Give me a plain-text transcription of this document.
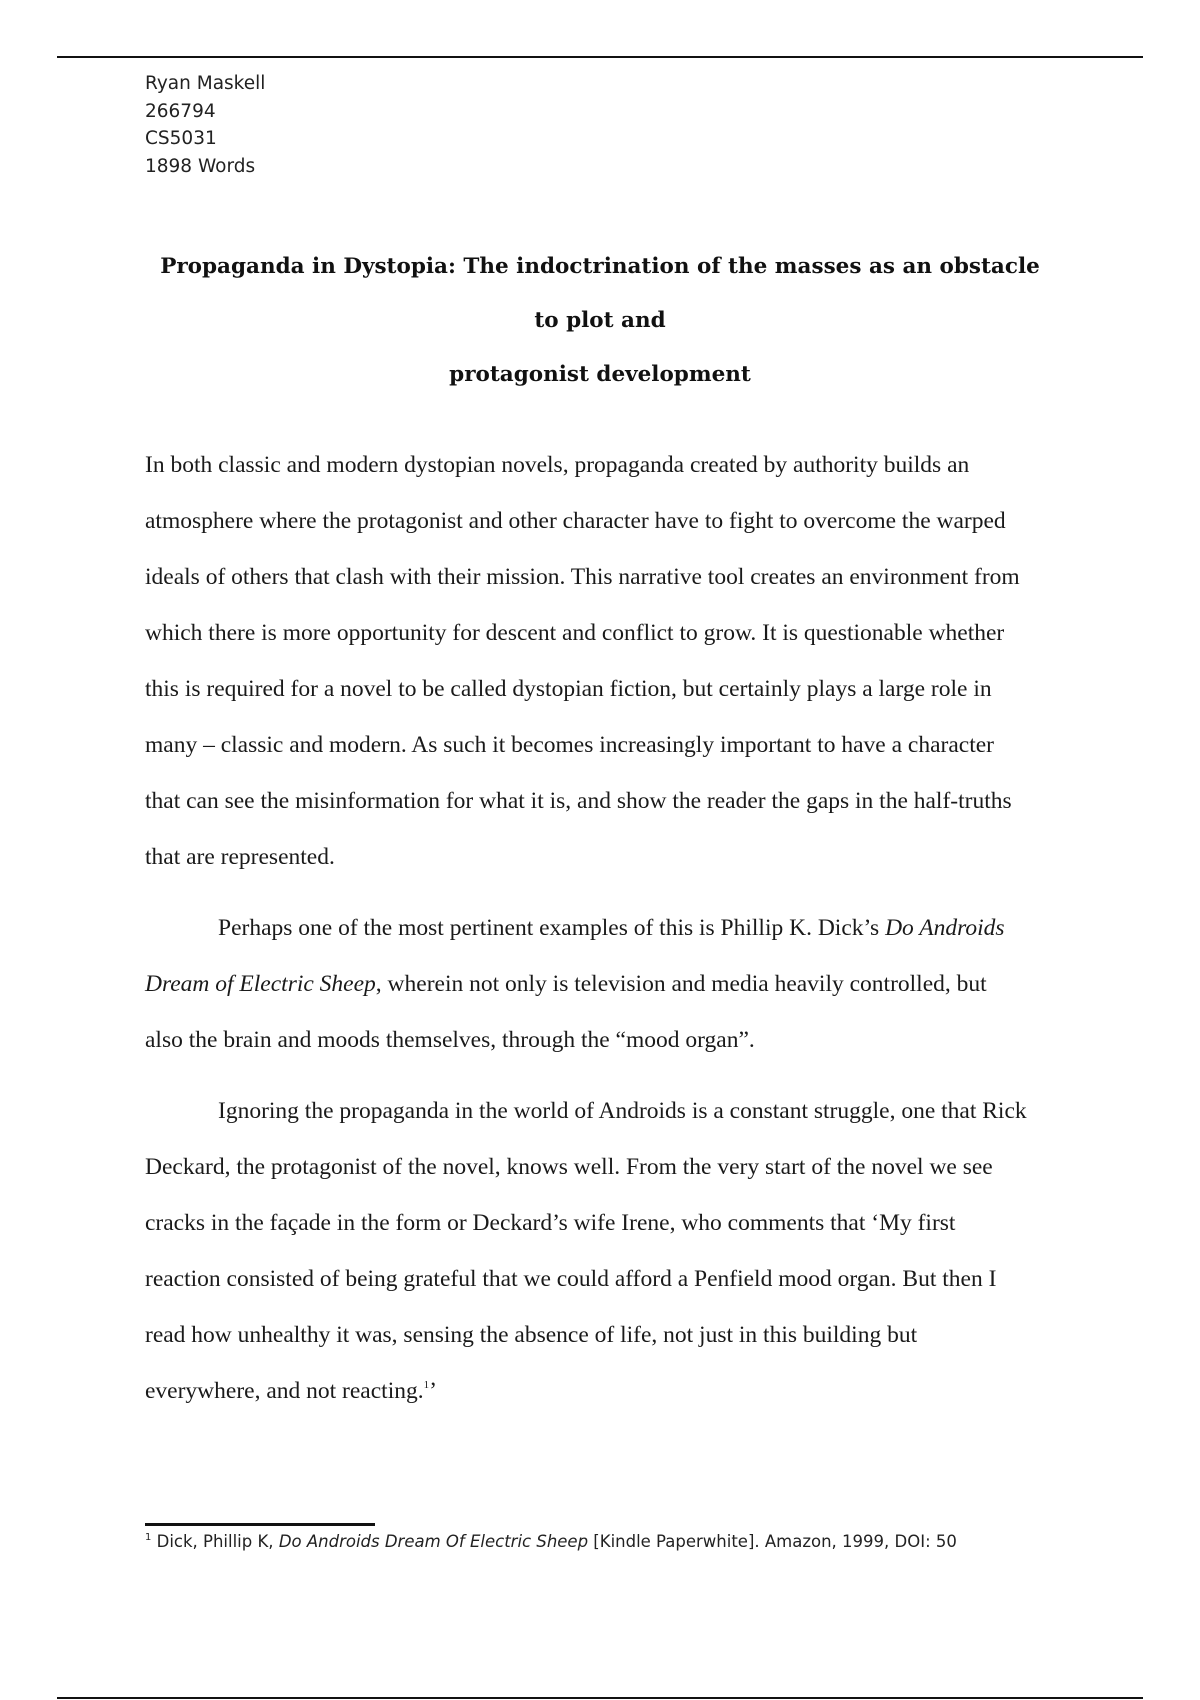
Ryan Maskell
266794
CS5031
1898 Words
Propaganda in Dystopia: The indoctrination of the masses as an obstacle to plot and
protagonist development
In both classic and modern dystopian novels, propaganda created by authority builds an
atmosphere where the protagonist and other character have to fight to overcome the warped
ideals of others that clash with their mission. This narrative tool creates an environment from
which there is more opportunity for descent and conflict to grow. It is questionable whether
this is required for a novel to be called dystopian fiction, but certainly plays a large role in
many – classic and modern. As such it becomes increasingly important to have a character
that can see the misinformation for what it is, and show the reader the gaps in the half-truths
that are represented.
Perhaps one of the most pertinent examples of this is Phillip K. Dick’s Do Androids
Dream of Electric Sheep, wherein not only is television and media heavily controlled, but
also the brain and moods themselves, through the “mood organ”.
Ignoring the propaganda in the world of Androids is a constant struggle, one that Rick
Deckard, the protagonist of the novel, knows well. From the very start of the novel we see
cracks in the façade in the form or Deckard’s wife Irene, who comments that ‘My first
reaction consisted of being grateful that we could afford a Penfield mood organ. But then I
read how unhealthy it was, sensing the absence of life, not just in this building but
everywhere, and not reacting.$^1$’
$^1$ Dick, Phillip K, Do Androids Dream Of Electric Sheep [Kindle Paperwhite]. Amazon, 1999, DOI: 50
